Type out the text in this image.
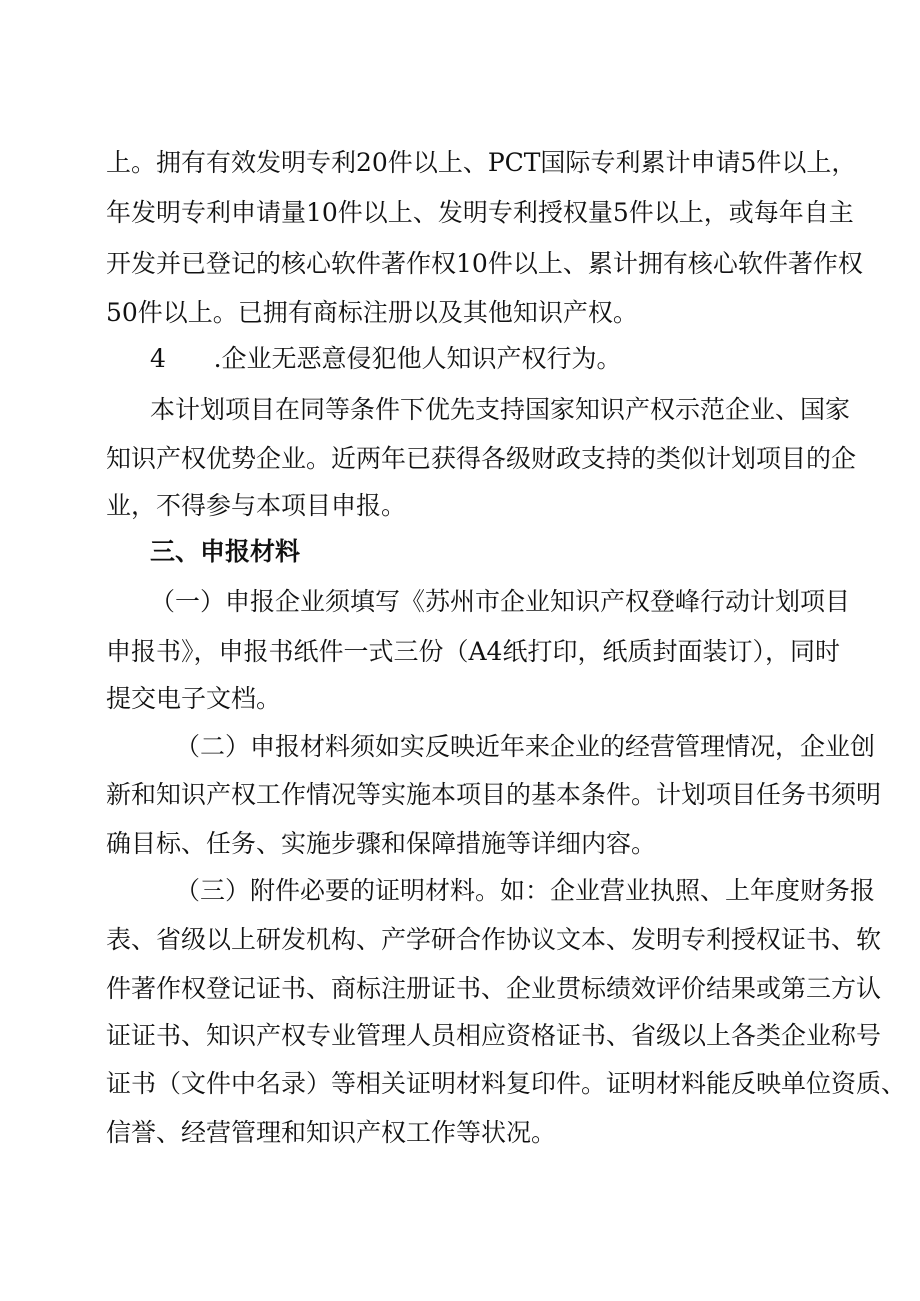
上。拥有有效发明专利20件以上、PCT国际专利累计申请5件以上，
年发明专利申请量10件以上、发明专利授权量5件以上，或每年自主
开发并已登记的核心软件著作权10件以上、累计拥有核心软件著作权
50件以上。已拥有商标注册以及其他知识产权。
4      .企业无恶意侵犯他人知识产权行为。
本计划项目在同等条件下优先支持国家知识产权示范企业、国家
知识产权优势企业。近两年已获得各级财政支持的类似计划项目的企
业，不得参与本项目申报。
三、申报材料
（一）申报企业须填写《苏州市企业知识产权登峰行动计划项目
申报书》，申报书纸件一式三份（A4纸打印，纸质封面装订），同时
提交电子文档。
（二）申报材料须如实反映近年来企业的经营管理情况，企业创
新和知识产权工作情况等实施本项目的基本条件。计划项目任务书须明
确目标、任务、实施步骤和保障措施等详细内容。
（三）附件必要的证明材料。如：企业营业执照、上年度财务报
表、省级以上研发机构、产学研合作协议文本、发明专利授权证书、软
件著作权登记证书、商标注册证书、企业贯标绩效评价结果或第三方认
证证书、知识产权专业管理人员相应资格证书、省级以上各类企业称号
证书（文件中名录）等相关证明材料复印件。证明材料能反映单位资质、
信誉、经营管理和知识产权工作等状况。
